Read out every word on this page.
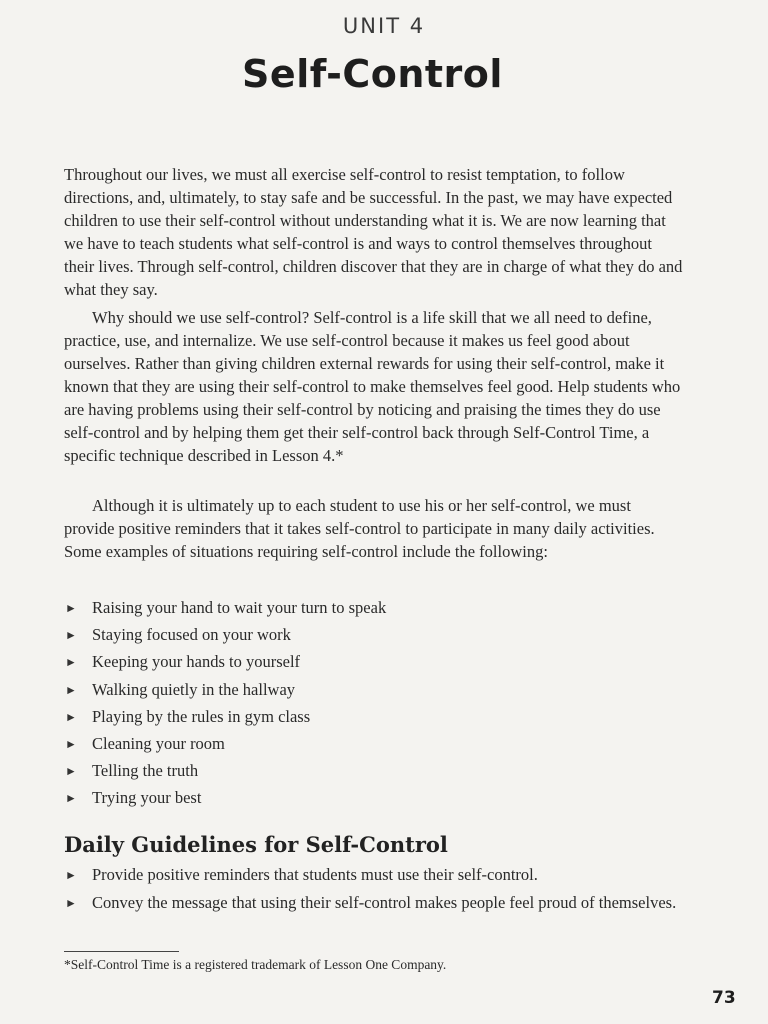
UNIT 4
Self-Control

Throughout our lives, we must all exercise self-control to resist temptation, to follow directions, and, ultimately, to stay safe and be successful. In the past, we may have expected children to use their self-control without understanding what it is. We are now learning that we have to teach students what self-control is and ways to control themselves throughout their lives. Through self-control, children discover that they are in charge of what they do and what they say.

Why should we use self-control? Self-control is a life skill that we all need to define, practice, use, and internalize. We use self-control because it makes us feel good about ourselves. Rather than giving children external rewards for using their self-control, make it known that they are using their self-control to make themselves feel good. Help students who are having problems using their self-control by noticing and praising the times they do use self-control and by helping them get their self-control back through Self-Control Time, a specific technique described in Lesson 4.*

Although it is ultimately up to each student to use his or her self-control, we must provide positive reminders that it takes self-control to participate in many daily activities. Some examples of situations requiring self-control include the following:

► Raising your hand to wait your turn to speak
► Staying focused on your work
► Keeping your hands to yourself
► Walking quietly in the hallway
► Playing by the rules in gym class
► Cleaning your room
► Telling the truth
► Trying your best
Daily Guidelines for Self-Control
► Provide positive reminders that students must use their self-control.
► Convey the message that using their self-control makes people feel proud of themselves.
*Self-Control Time is a registered trademark of Lesson One Company.
73
